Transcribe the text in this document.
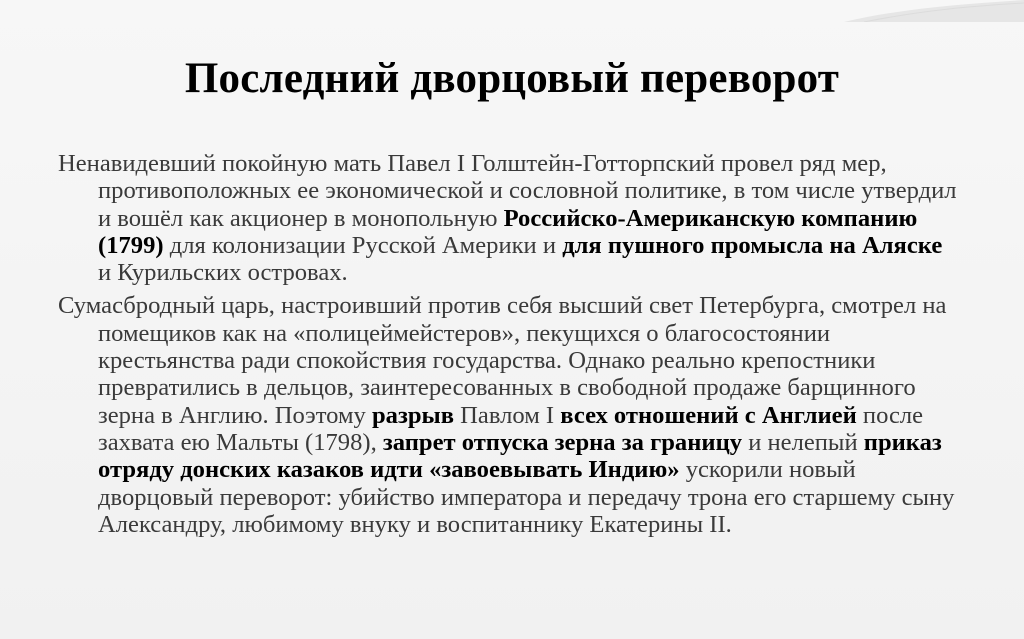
Последний дворцовый переворот

Ненавидевший покойную мать Павел I Голштейн-Готторпский провел ряд мер, противоположных ее экономической и сословной политике, в том числе утвердил и вошёл как акционер в монопольную Российско-Американскую компанию (1799) для колонизации Русской Америки и для пушного промысла на Аляске и Курильских островах.

Сумасбродный царь, настроивший против себя высший свет Петербурга, смотрел на помещиков как на «полицеймейстеров», пекущихся о благосостоянии крестьянства ради спокойствия государства. Однако реально крепостники превратились в дельцов, заинтересованных в свободной продаже барщинного зерна в Англию. Поэтому разрыв Павлом I всех отношений с Англией после захвата ею Мальты (1798), запрет отпуска зерна за границу и нелепый приказ отряду донских казаков идти «завоевывать Индию» ускорили новый дворцовый переворот: убийство императора и передачу трона его старшему сыну Александру, любимому внуку и воспитаннику Екатерины II.
